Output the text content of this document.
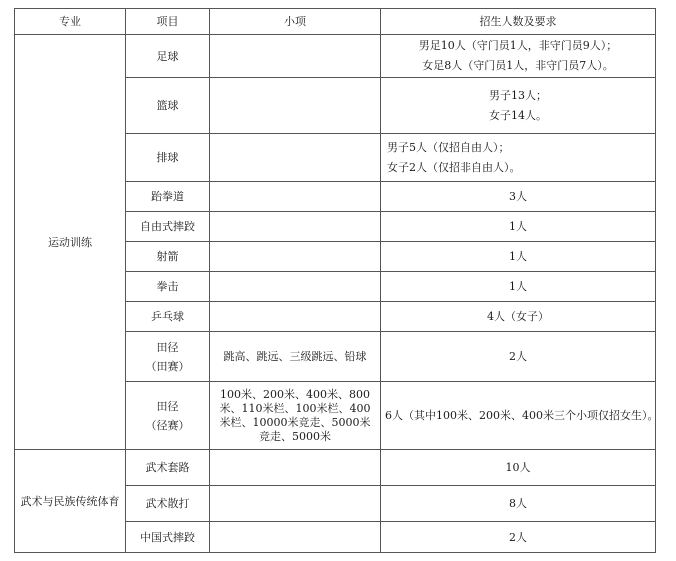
专业	项目	小项	招生人数及要求
运动训练	足球		男足10人（守门员1人，非守门员9人）；
女足8人（守门员1人，非守门员7人）。

	篮球		男子13人；
女子14人。

	排球		男子5人（仅招自由人）；
女子2人（仅招非自由人）。

	跆拳道		3人

	自由式摔跤		1人

	射箭		1人

	拳击		1人

	乒乓球		4人（女子）

	田径
（田赛）	跳高、跳远、三级跳远、铅球	2人

	田径
（径赛）	100米、200米、400米、800米、110米栏、100米栏、400米栏、10000米竞走、5000米竞走、5000米	6人（其中100米、200米、400米三个小项仅招女生）。

武术与民族传统体育	武术套路		10人

	武术散打		8人

	中国式摔跤		2人
